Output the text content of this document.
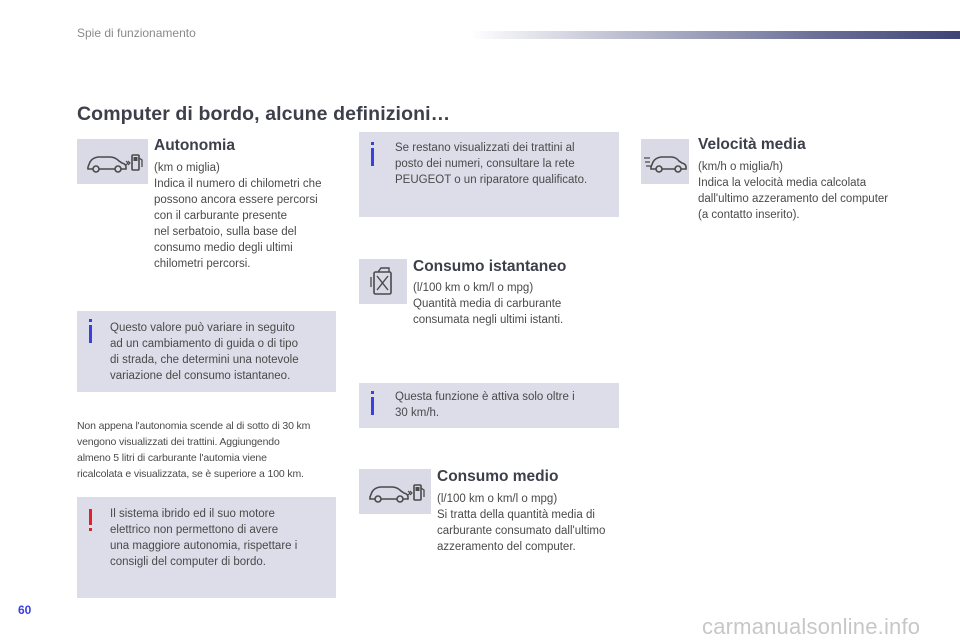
Spie di funzionamento
Computer di bordo, alcune definizioni…
Autonomia
(km o miglia)
Indica il numero di chilometri che
possono ancora essere percorsi
con il carburante presente
nel serbatoio, sulla base del
consumo medio degli ultimi
chilometri percorsi.
Questo valore può variare in seguito
ad un cambiamento di guida o di tipo
di strada, che determini una notevole
variazione del consumo istantaneo.
Non appena l'autonomia scende al di sotto di 30 km
vengono visualizzati dei trattini. Aggiungendo
almeno 5 litri di carburante l'automia viene
ricalcolata e visualizzata, se è superiore a 100 km.
Il sistema ibrido ed il suo motore
elettrico non permettono di avere
una maggiore autonomia, rispettare i
consigli del computer di bordo.
Se restano visualizzati dei trattini al
posto dei numeri, consultare la rete
PEUGEOT o un riparatore qualificato.
Consumo istantaneo
(l/100 km o km/l o mpg)
Quantità media di carburante
consumata negli ultimi istanti.
Questa funzione è attiva solo oltre i
30 km/h.
Consumo medio
(l/100 km o km/l o mpg)
Si tratta della quantità media di
carburante consumato dall'ultimo
azzeramento del computer.
Velocità media
(km/h o miglia/h)
Indica la velocità media calcolata
dall'ultimo azzeramento del computer
(a contatto inserito).
60
carmanualsonline.info
